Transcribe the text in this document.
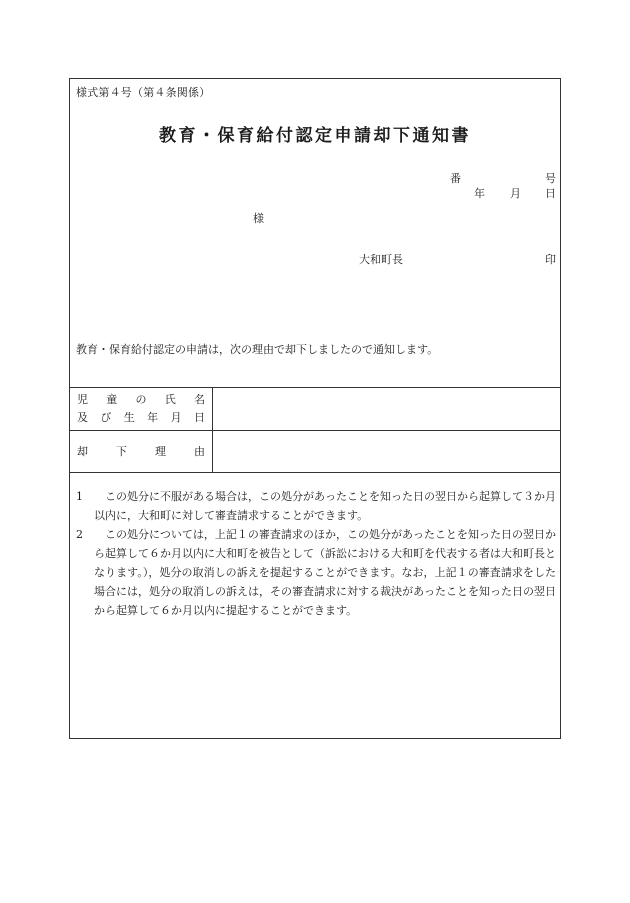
様式第４号（第４条関係）
教育・保育給付認定申請却下通知書
番	号
年 月 日
様
大和町長	印
教育・保育給付認定の申請は，次の理由で却下しましたので通知します。
児 童 の 氏 名
及 び 生 年 月 日
却	下	理	由
1	この処分に不服がある場合は，この処分があったことを知った日の翌日から起算して３か月以内に，大和町に対して審査請求することができます。
2	この処分については，上記１の審査請求のほか，この処分があったことを知った日の翌日から起算して６か月以内に大和町を被告として（訴訟における大和町を代表する者は大和町長となります。），処分の取消しの訴えを提起することができます。なお，上記１の審査請求をした場合には，処分の取消しの訴えは，その審査請求に対する裁決があったことを知った日の翌日から起算して６か月以内に提起することができます。
